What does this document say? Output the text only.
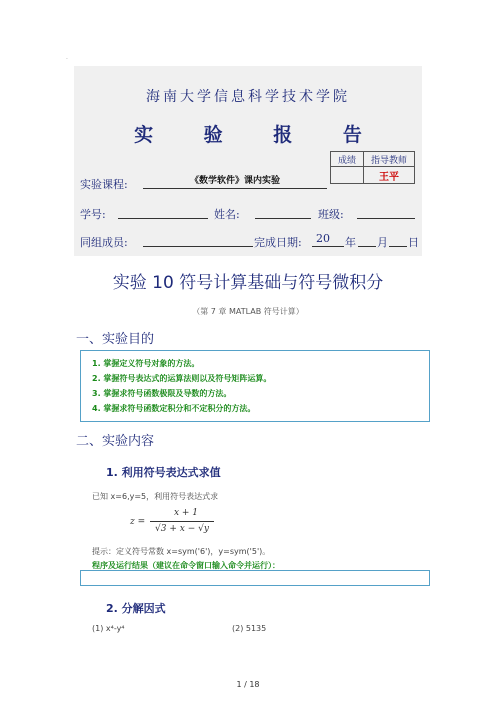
·
海南大学信息科学技术学院
实 验 报 告
成绩	指导教师
	王平
实验课程:	《数学软件》课内实验
学号:	姓名:	班级:
同组成员:	完成日期:	20	年 月 日
实验 10 符号计算基础与符号微积分
（第 7 章 MATLAB 符号计算）
一、实验目的
1. 掌握定义符号对象的方法。
2. 掌握符号表达式的运算法则以及符号矩阵运算。
3. 掌握求符号函数极限及导数的方法。
4. 掌握求符号函数定积分和不定积分的方法。
二、实验内容
1. 利用符号表达式求值
已知 x=6,y=5，利用符号表达式求
z =
x + 1
√3 + x − √y
提示：定义符号常数 x=sym('6')，y=sym('5')。
程序及运行结果（建议在命令窗口输入命令并运行）：
2. 分解因式
(1) x⁴-y⁴	(2) 5135
1 / 18
